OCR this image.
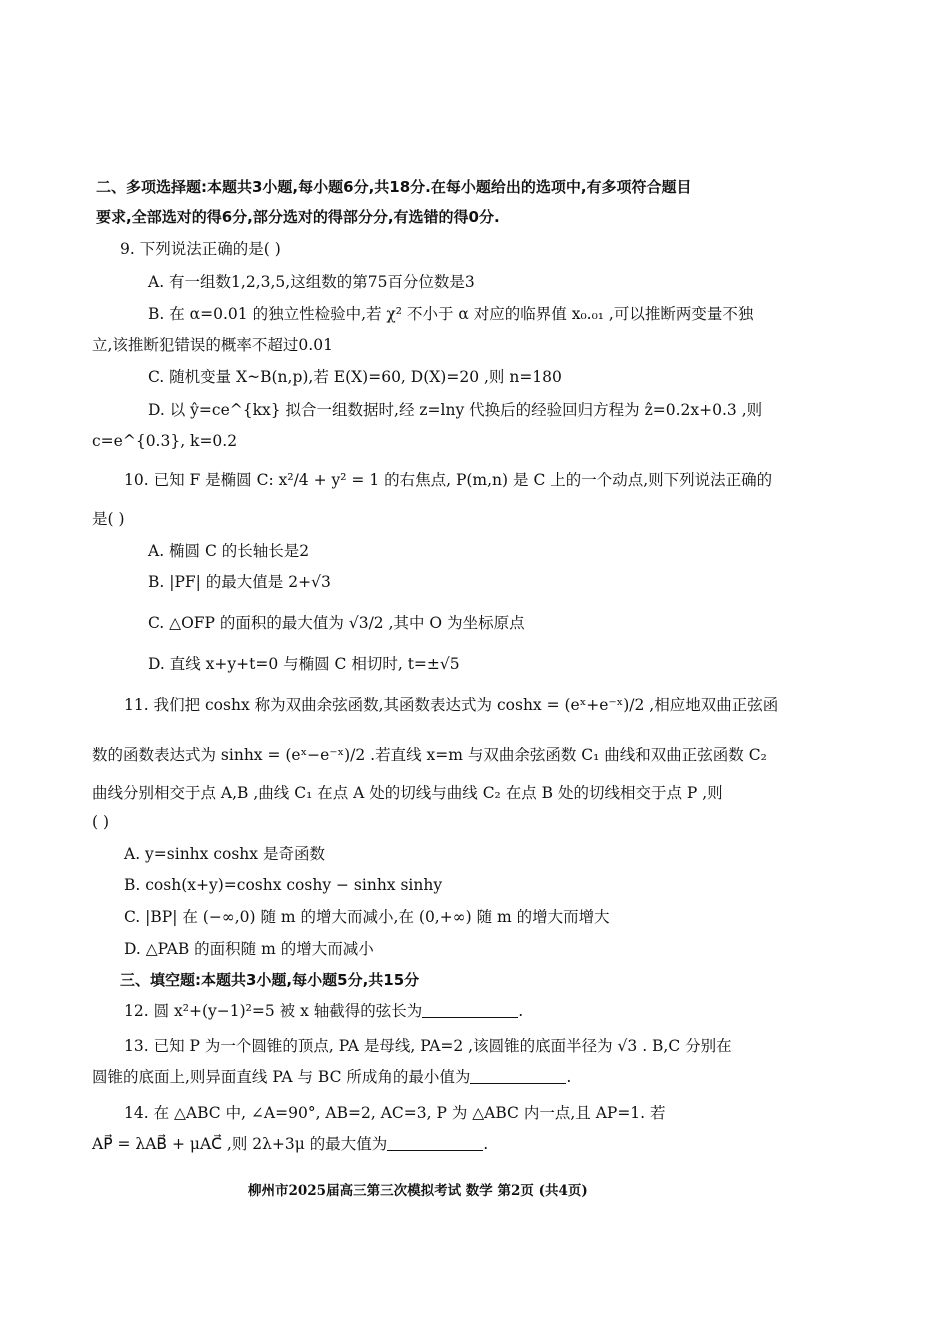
二、多项选择题:本题共3小题,每小题6分,共18分.在每小题给出的选项中,有多项符合题目
要求,全部选对的得6分,部分选对的得部分分,有选错的得0分.
9. 下列说法正确的是( )
A. 有一组数1,2,3,5,这组数的第75百分位数是3
B. 在 α=0.01 的独立性检验中,若 χ² 不小于 α 对应的临界值 x₀.₀₁ ,可以推断两变量不独
立,该推断犯错误的概率不超过0.01
C. 随机变量 X~B(n,p),若 E(X)=60, D(X)=20 ,则 n=180
D. 以 ŷ=ce^{kx} 拟合一组数据时,经 z=lny 代换后的经验回归方程为 ẑ=0.2x+0.3 ,则
c=e^{0.3}, k=0.2
10. 已知 F 是椭圆 C: x²/4 + y² = 1 的右焦点, P(m,n) 是 C 上的一个动点,则下列说法正确的
是( )
A. 椭圆 C 的长轴长是2
B. |PF| 的最大值是 2+√3
C. △OFP 的面积的最大值为 √3/2 ,其中 O 为坐标原点
D. 直线 x+y+t=0 与椭圆 C 相切时, t=±√5
11. 我们把 coshx 称为双曲余弦函数,其函数表达式为 coshx = (eˣ+e⁻ˣ)/2 ,相应地双曲正弦函
数的函数表达式为 sinhx = (eˣ−e⁻ˣ)/2 .若直线 x=m 与双曲余弦函数 C₁ 曲线和双曲正弦函数 C₂
曲线分别相交于点 A,B ,曲线 C₁ 在点 A 处的切线与曲线 C₂ 在点 B 处的切线相交于点 P ,则
( )
A. y=sinhx coshx 是奇函数
B. cosh(x+y)=coshx coshy − sinhx sinhy
C. |BP| 在 (−∞,0) 随 m 的增大而减小,在 (0,+∞) 随 m 的增大而增大
D. △PAB 的面积随 m 的增大而减小
三、填空题:本题共3小题,每小题5分,共15分
12. 圆 x²+(y−1)²=5 被 x 轴截得的弦长为	.
13. 已知 P 为一个圆锥的顶点, PA 是母线, PA=2 ,该圆锥的底面半径为 √3 . B,C 分别在
圆锥的底面上,则异面直线 PA 与 BC 所成角的最小值为	.
14. 在 △ABC 中, ∠A=90°, AB=2, AC=3, P 为 △ABC 内一点,且 AP=1. 若
AP⃗ = λAB⃗ + μAC⃗ ,则 2λ+3μ 的最大值为	.
柳州市2025届高三第三次模拟考试 数学 第2页 (共4页)
